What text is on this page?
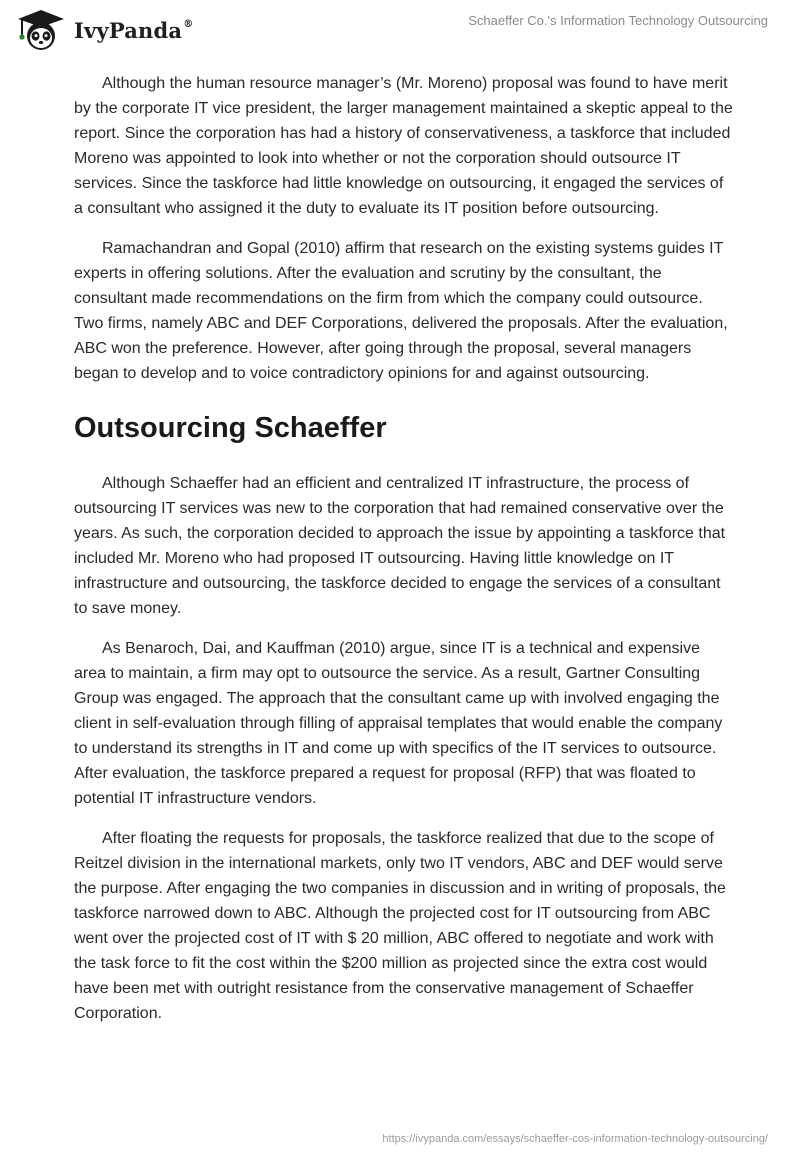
IvyPanda®	Schaeffer Co.'s Information Technology Outsourcing

Although the human resource manager’s (Mr. Moreno) proposal was found to have merit by the corporate IT vice president, the larger management maintained a skeptic appeal to the report. Since the corporation has had a history of conservativeness, a taskforce that included Moreno was appointed to look into whether or not the corporation should outsource IT services. Since the taskforce had little knowledge on outsourcing, it engaged the services of a consultant who assigned it the duty to evaluate its IT position before outsourcing.

Ramachandran and Gopal (2010) affirm that research on the existing systems guides IT experts in offering solutions. After the evaluation and scrutiny by the consultant, the consultant made recommendations on the firm from which the company could outsource. Two firms, namely ABC and DEF Corporations, delivered the proposals. After the evaluation, ABC won the preference. However, after going through the proposal, several managers began to develop and to voice contradictory opinions for and against outsourcing.

Outsourcing Schaeffer

Although Schaeffer had an efficient and centralized IT infrastructure, the process of outsourcing IT services was new to the corporation that had remained conservative over the years. As such, the corporation decided to approach the issue by appointing a taskforce that included Mr. Moreno who had proposed IT outsourcing. Having little knowledge on IT infrastructure and outsourcing, the taskforce decided to engage the services of a consultant to save money.

As Benaroch, Dai, and Kauffman (2010) argue, since IT is a technical and expensive area to maintain, a firm may opt to outsource the service. As a result, Gartner Consulting Group was engaged. The approach that the consultant came up with involved engaging the client in self-evaluation through filling of appraisal templates that would enable the company to understand its strengths in IT and come up with specifics of the IT services to outsource. After evaluation, the taskforce prepared a request for proposal (RFP) that was floated to potential IT infrastructure vendors.

After floating the requests for proposals, the taskforce realized that due to the scope of Reitzel division in the international markets, only two IT vendors, ABC and DEF would serve the purpose. After engaging the two companies in discussion and in writing of proposals, the taskforce narrowed down to ABC. Although the projected cost for IT outsourcing from ABC went over the projected cost of IT with $ 20 million, ABC offered to negotiate and work with the task force to fit the cost within the $200 million as projected since the extra cost would have been met with outright resistance from the conservative management of Schaeffer Corporation.

https://ivypanda.com/essays/schaeffer-cos-information-technology-outsourcing/
